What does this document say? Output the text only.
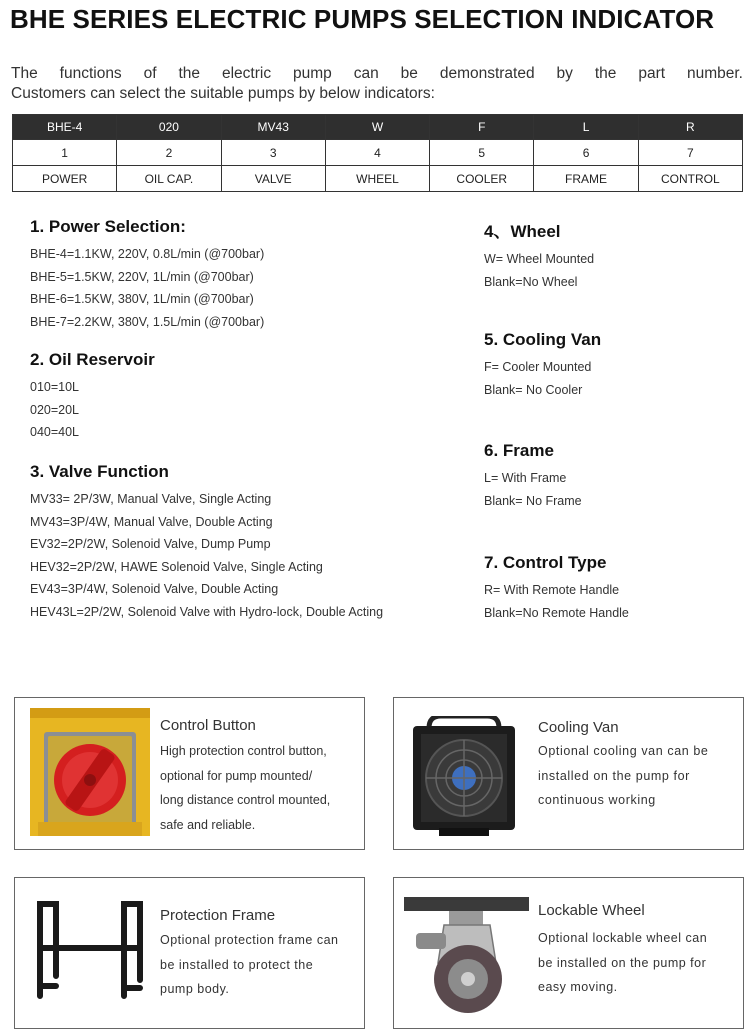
BHE SERIES ELECTRIC PUMPS SELECTION INDICATOR
The functions of the electric pump can be demonstrated by the part number.
Customers can select the suitable pumps by below indicators:
BHE-4	020	MV43	W	F	L	R
1	2	3	4	5	6	7
POWER	OIL CAP.	VALVE	WHEEL	COOLER	FRAME	CONTROL
1. Power Selection:
BHE-4=1.1KW, 220V, 0.8L/min (@700bar)
BHE-5=1.5KW, 220V, 1L/min (@700bar)
BHE-6=1.5KW, 380V, 1L/min (@700bar)
BHE-7=2.2KW, 380V, 1.5L/min (@700bar)
2. Oil Reservoir
010=10L
020=20L
040=40L
3. Valve Function
MV33= 2P/3W, Manual Valve, Single Acting
MV43=3P/4W, Manual Valve, Double Acting
EV32=2P/2W, Solenoid Valve, Dump Pump
HEV32=2P/2W, HAWE Solenoid Valve, Single Acting
EV43=3P/4W, Solenoid Valve, Double Acting
HEV43L=2P/2W, Solenoid Valve with Hydro-lock, Double Acting
4、Wheel
W= Wheel Mounted
Blank=No Wheel
5. Cooling Van
F= Cooler Mounted
Blank= No Cooler
6. Frame
L= With Frame
Blank= No Frame
7. Control Type
R= With Remote Handle
Blank=No Remote Handle
Control Button
High protection control button,
optional for pump mounted/
long distance control mounted,
safe and reliable.
Cooling Van
Optional cooling van can be
installed on the pump for
continuous working
Protection Frame
Optional protection frame can
be installed to protect the
pump body.
Lockable Wheel
Optional lockable wheel can
be installed on the pump for
easy moving.
